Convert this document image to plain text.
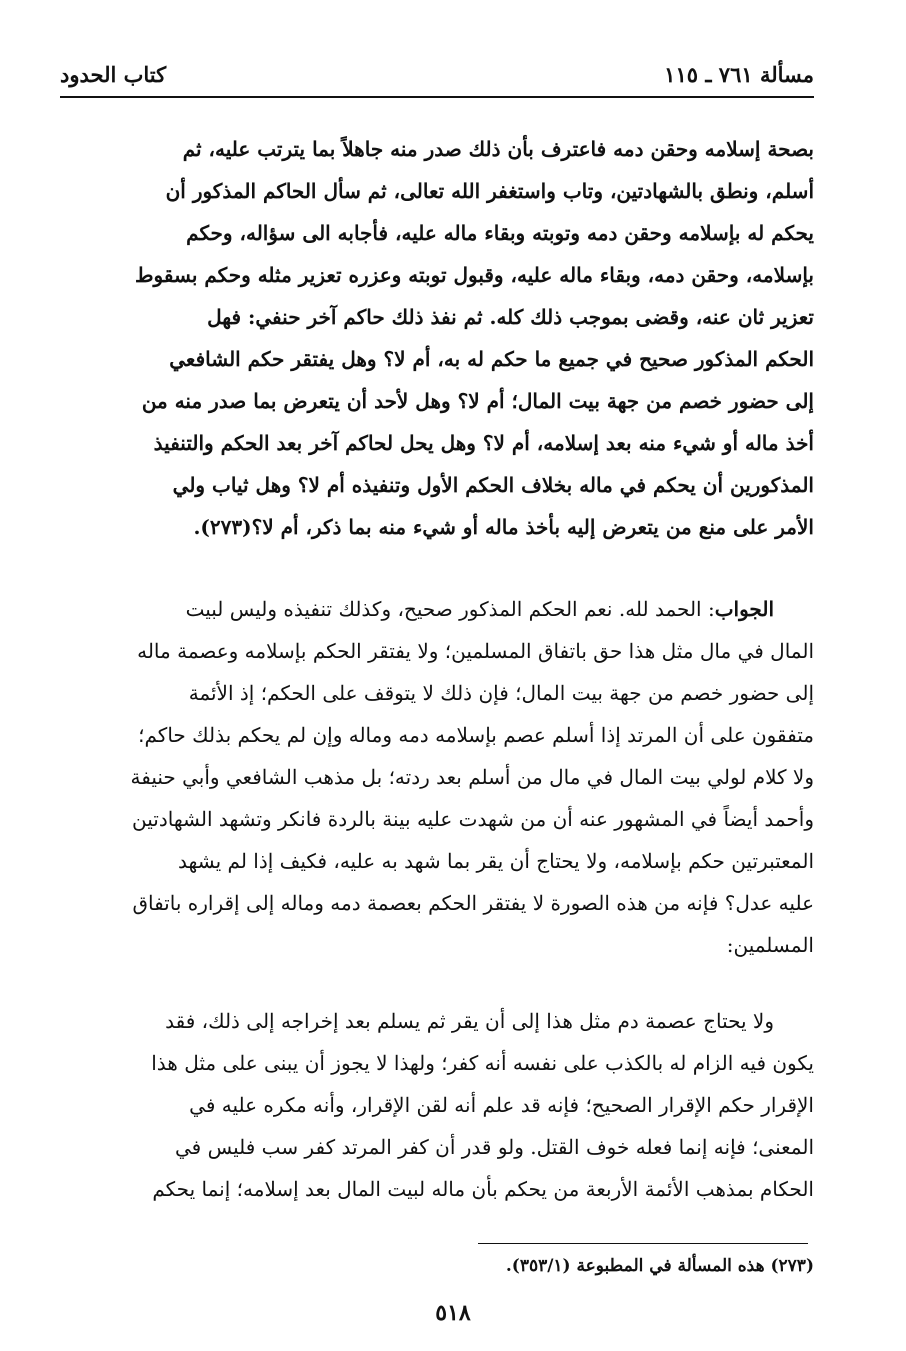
مسألة ٧٦١ ـ ١١٥
كتاب الحدود

بصحة إسلامه وحقن دمه فاعترف بأن ذلك صدر منه جاهلاً بما يترتب عليه، ثم
أسلم، ونطق بالشهادتين، وتاب واستغفر الله تعالى، ثم سأل الحاكم المذكور أن
يحكم له بإسلامه وحقن دمه وتوبته وبقاء ماله عليه، فأجابه الى سؤاله، وحكم
بإسلامه، وحقن دمه، وبقاء ماله عليه، وقبول توبته وعزره تعزير مثله وحكم بسقوط
تعزير ثان عنه، وقضى بموجب ذلك كله. ثم نفذ ذلك حاكم آخر حنفي: فهل
الحكم المذكور صحيح في جميع ما حكم له به، أم لا؟ وهل يفتقر حكم الشافعي
إلى حضور خصم من جهة بيت المال؛ أم لا؟ وهل لأحد أن يتعرض بما صدر منه من
أخذ ماله أو شيء منه بعد إسلامه، أم لا؟ وهل يحل لحاكم آخر بعد الحكم والتنفيذ
المذكورين أن يحكم في ماله بخلاف الحكم الأول وتنفيذه أم لا؟ وهل ثياب ولي
الأمر على منع من يتعرض إليه بأخذ ماله أو شيء منه بما ذكر، أم لا؟(٢٧٣).

  الجواب: الحمد لله. نعم الحكم المذكور صحيح، وكذلك تنفيذه وليس لبيت
المال في مال مثل هذا حق باتفاق المسلمين؛ ولا يفتقر الحكم بإسلامه وعصمة ماله
إلى حضور خصم من جهة بيت المال؛ فإن ذلك لا يتوقف على الحكم؛ إذ الأئمة
متفقون على أن المرتد إذا أسلم عصم بإسلامه دمه وماله وإن لم يحكم بذلك حاكم؛
ولا كلام لولي بيت المال في مال من أسلم بعد ردته؛ بل مذهب الشافعي وأبي حنيفة
وأحمد أيضاً في المشهور عنه أن من شهدت عليه بينة بالردة فانكر وتشهد الشهادتين
المعتبرتين حكم بإسلامه، ولا يحتاج أن يقر بما شهد به عليه، فكيف إذا لم يشهد
عليه عدل؟ فإنه من هذه الصورة لا يفتقر الحكم بعصمة دمه وماله إلى إقراره باتفاق
المسلمين:

  ولا يحتاج عصمة دم مثل هذا إلى أن يقر ثم يسلم بعد إخراجه إلى ذلك، فقد
يكون فيه الزام له بالكذب على نفسه أنه كفر؛ ولهذا لا يجوز أن يبنى على مثل هذا
الإقرار حكم الإقرار الصحيح؛ فإنه قد علم أنه لقن الإقرار، وأنه مكره عليه في
المعنى؛ فإنه إنما فعله خوف القتل. ولو قدر أن كفر المرتد كفر سب فليس في
الحكام بمذهب الأئمة الأربعة من يحكم بأن ماله لبيت المال بعد إسلامه؛ إنما يحكم

(٢٧٣) هذه المسألة في المطبوعة (٣٥٣/١).
٥١٨
